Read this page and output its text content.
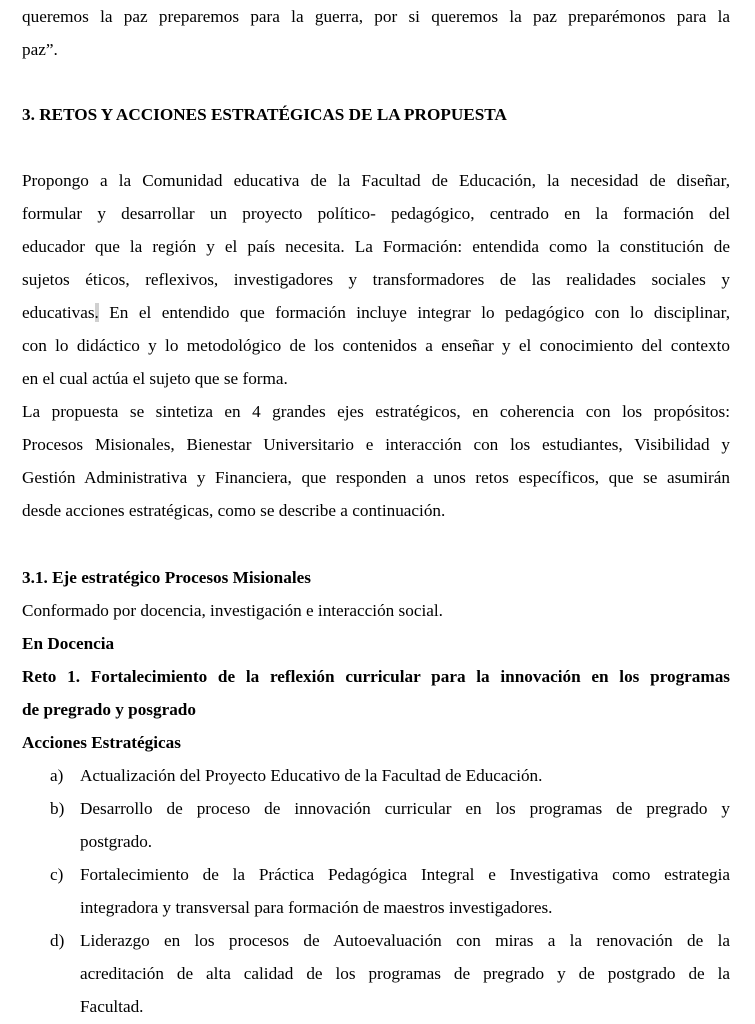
queremos la paz preparemos para la guerra, por si queremos la paz preparémonos para la
paz”.
3. RETOS Y ACCIONES ESTRATÉGICAS DE LA PROPUESTA
Propongo a la Comunidad educativa de la Facultad de Educación, la necesidad de diseñar,
formular y desarrollar un proyecto político- pedagógico, centrado en la formación del
educador que la región y el país necesita. La Formación: entendida como la constitución de
sujetos éticos, reflexivos, investigadores y transformadores de las realidades sociales y
educativas. En el entendido que formación incluye integrar lo pedagógico con lo disciplinar,
con lo didáctico y lo metodológico de los contenidos a enseñar y el conocimiento del contexto
en el cual actúa el sujeto que se forma.
La propuesta se sintetiza en 4 grandes ejes estratégicos, en coherencia con los propósitos:
Procesos Misionales, Bienestar Universitario e interacción con los estudiantes, Visibilidad y
Gestión Administrativa y Financiera, que responden a unos retos específicos, que se asumirán
desde acciones estratégicas, como se describe a continuación.
3.1. Eje estratégico Procesos Misionales
Conformado por docencia, investigación e interacción social.
En Docencia
Reto 1. Fortalecimiento de la reflexión curricular para la innovación en los programas
de pregrado y posgrado
Acciones Estratégicas
a) Actualización del Proyecto Educativo de la Facultad de Educación.
b) Desarrollo de proceso de innovación curricular en los programas de pregrado y
postgrado.
c) Fortalecimiento de la Práctica Pedagógica Integral e Investigativa como estrategia
integradora y transversal para formación de maestros investigadores.
d) Liderazgo en los procesos de Autoevaluación con miras a la renovación de la
acreditación de alta calidad de los programas de pregrado y de postgrado de la
Facultad.
